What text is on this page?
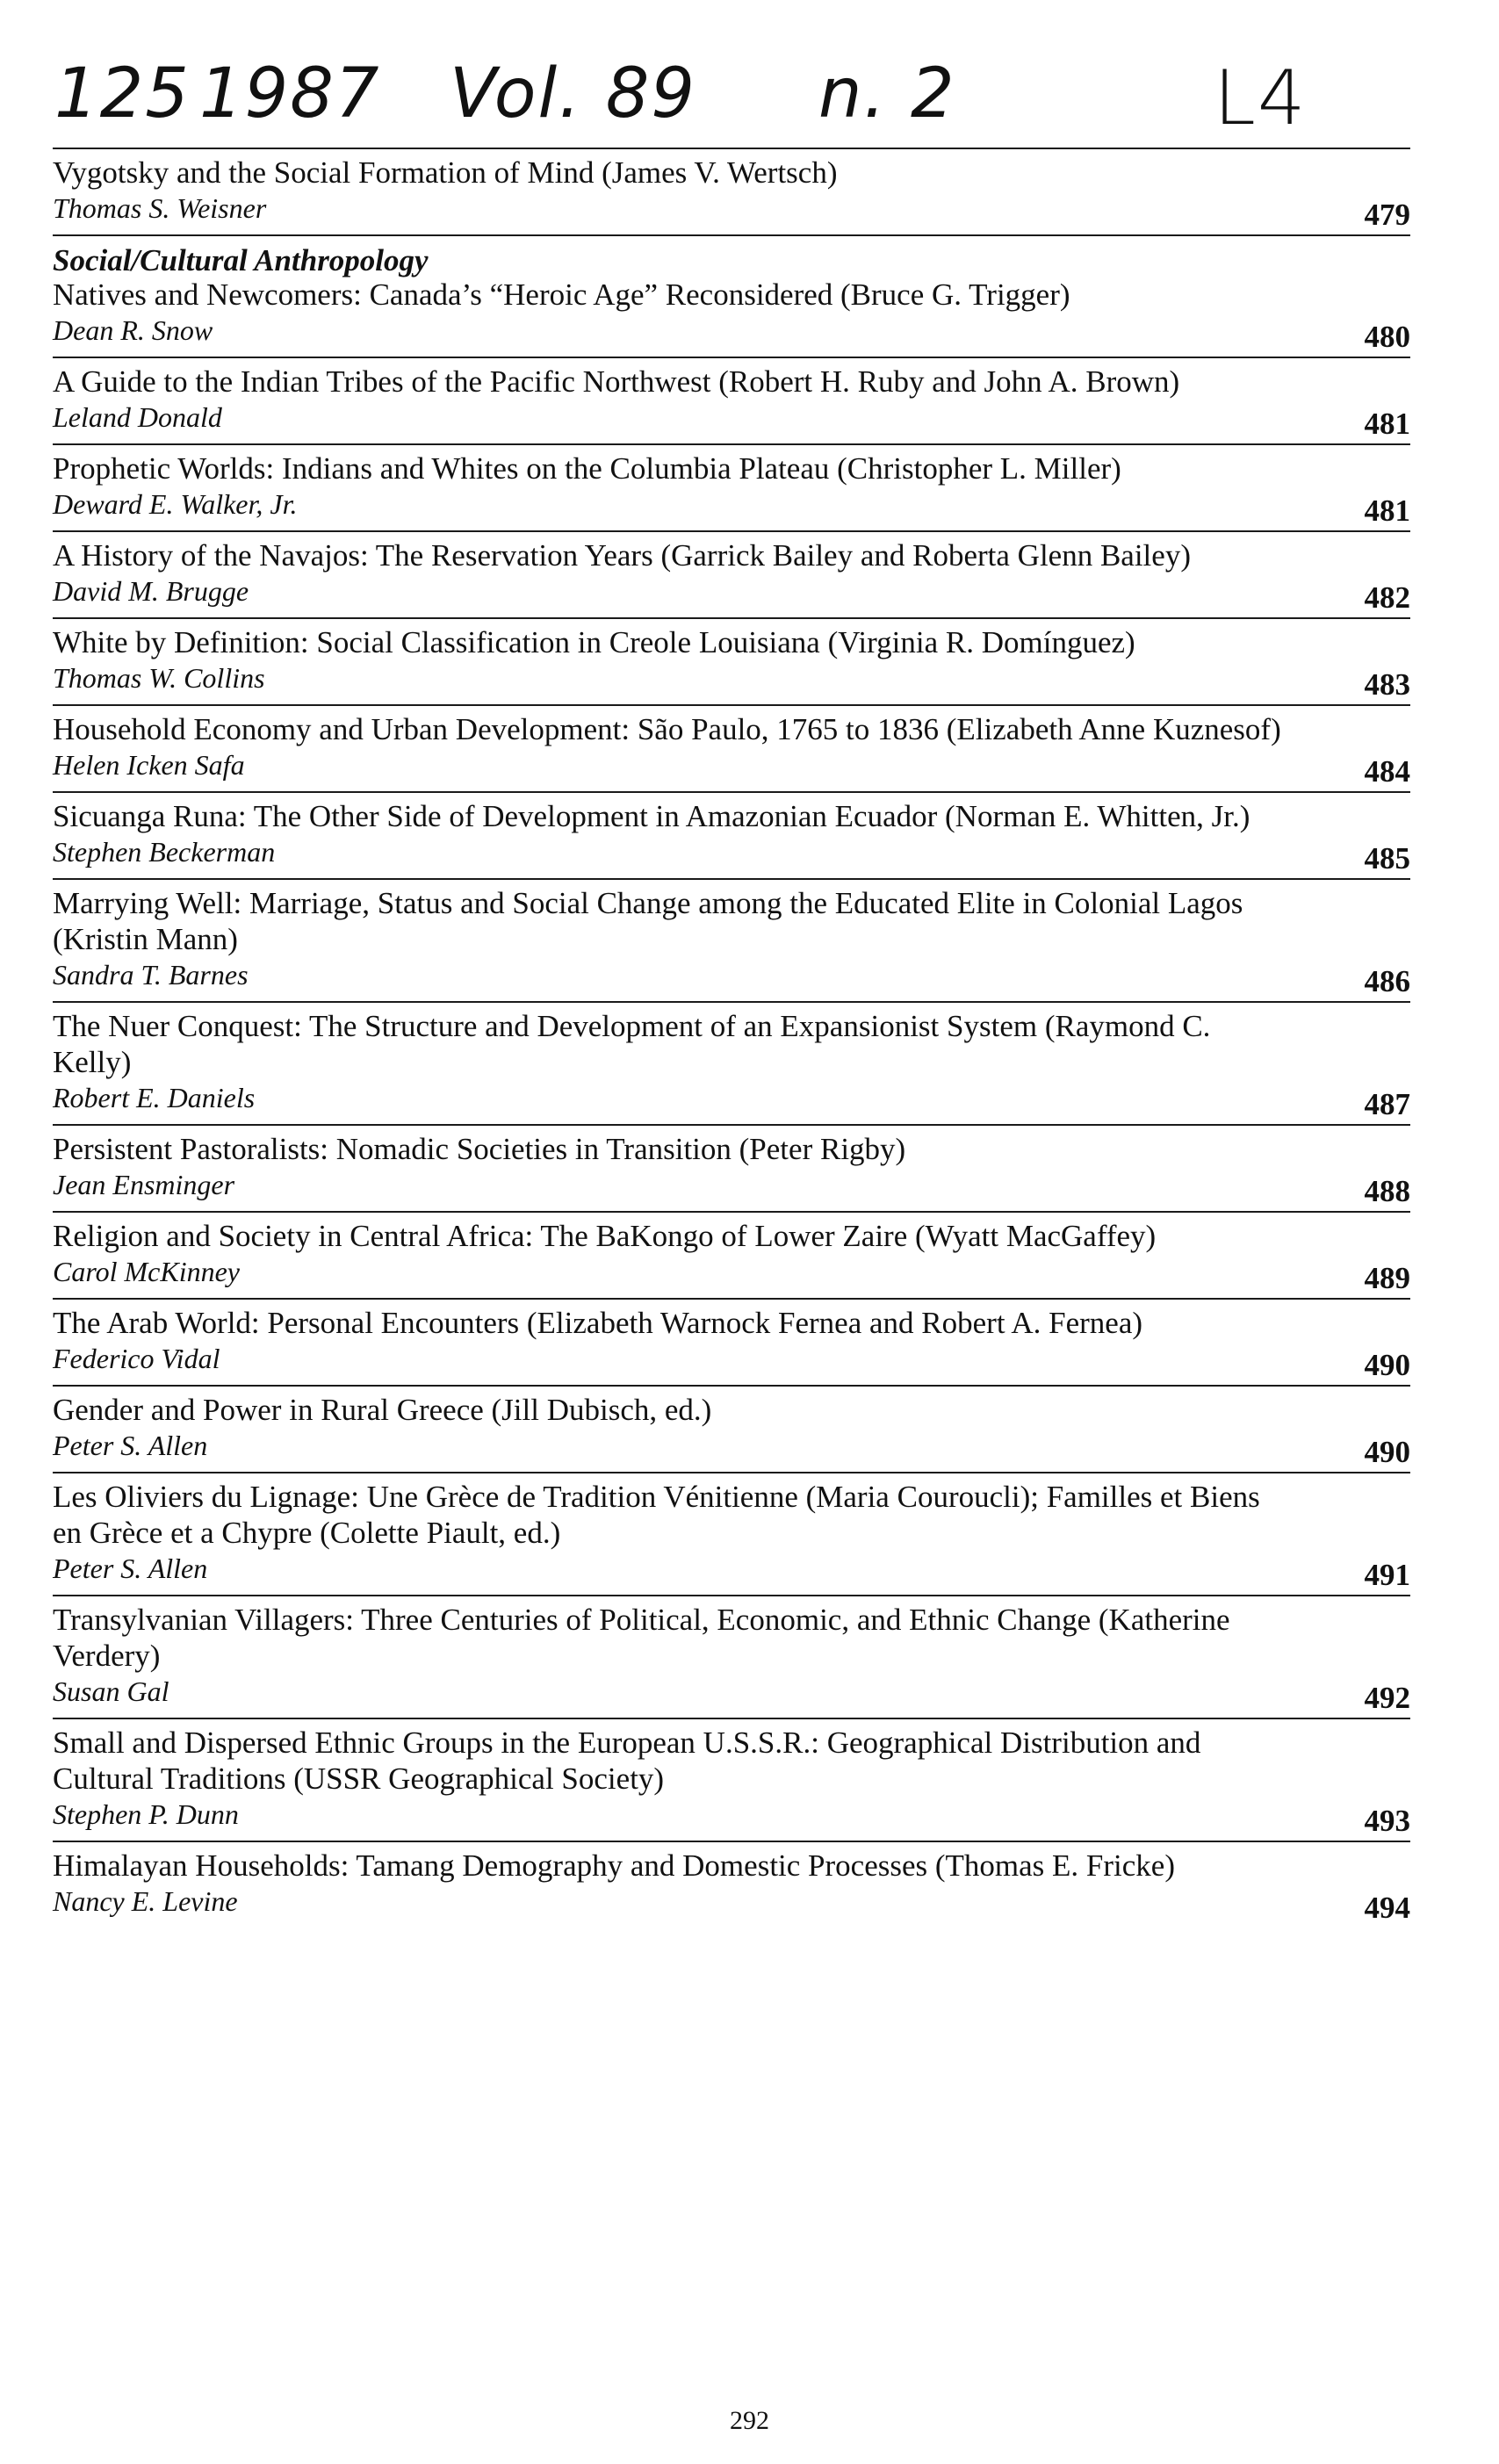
125 1987 Vol. 89 n. 2	L4
Vygotsky and the Social Formation of Mind (James V. Wertsch)
Thomas S. Weisner	479
Social/Cultural Anthropology
Natives and Newcomers: Canada’s “Heroic Age” Reconsidered (Bruce G. Trigger)
Dean R. Snow	480
A Guide to the Indian Tribes of the Pacific Northwest (Robert H. Ruby and John A. Brown)
Leland Donald	481
Prophetic Worlds: Indians and Whites on the Columbia Plateau (Christopher L. Miller)
Deward E. Walker, Jr.	481
A History of the Navajos: The Reservation Years (Garrick Bailey and Roberta Glenn Bailey)
David M. Brugge	482
White by Definition: Social Classification in Creole Louisiana (Virginia R. Domínguez)
Thomas W. Collins	483
Household Economy and Urban Development: São Paulo, 1765 to 1836 (Elizabeth Anne Kuznesof)
Helen Icken Safa	484
Sicuanga Runa: The Other Side of Development in Amazonian Ecuador (Norman E. Whitten, Jr.)
Stephen Beckerman	485
Marrying Well: Marriage, Status and Social Change among the Educated Elite in Colonial Lagos (Kristin Mann)
Sandra T. Barnes	486
The Nuer Conquest: The Structure and Development of an Expansionist System (Raymond C. Kelly)
Robert E. Daniels	487
Persistent Pastoralists: Nomadic Societies in Transition (Peter Rigby)
Jean Ensminger	488
Religion and Society in Central Africa: The BaKongo of Lower Zaire (Wyatt MacGaffey)
Carol McKinney	489
The Arab World: Personal Encounters (Elizabeth Warnock Fernea and Robert A. Fernea)
Federico Vidal	490
Gender and Power in Rural Greece (Jill Dubisch, ed.)
Peter S. Allen	490
Les Oliviers du Lignage: Une Grèce de Tradition Vénitienne (Maria Couroucli); Familles et Biens en Grèce et a Chypre (Colette Piault, ed.)
Peter S. Allen	491
Transylvanian Villagers: Three Centuries of Political, Economic, and Ethnic Change (Katherine Verdery)
Susan Gal	492
Small and Dispersed Ethnic Groups in the European U.S.S.R.: Geographical Distribution and Cultural Traditions (USSR Geographical Society)
Stephen P. Dunn	493
Himalayan Households: Tamang Demography and Domestic Processes (Thomas E. Fricke)
Nancy E. Levine	494
292
